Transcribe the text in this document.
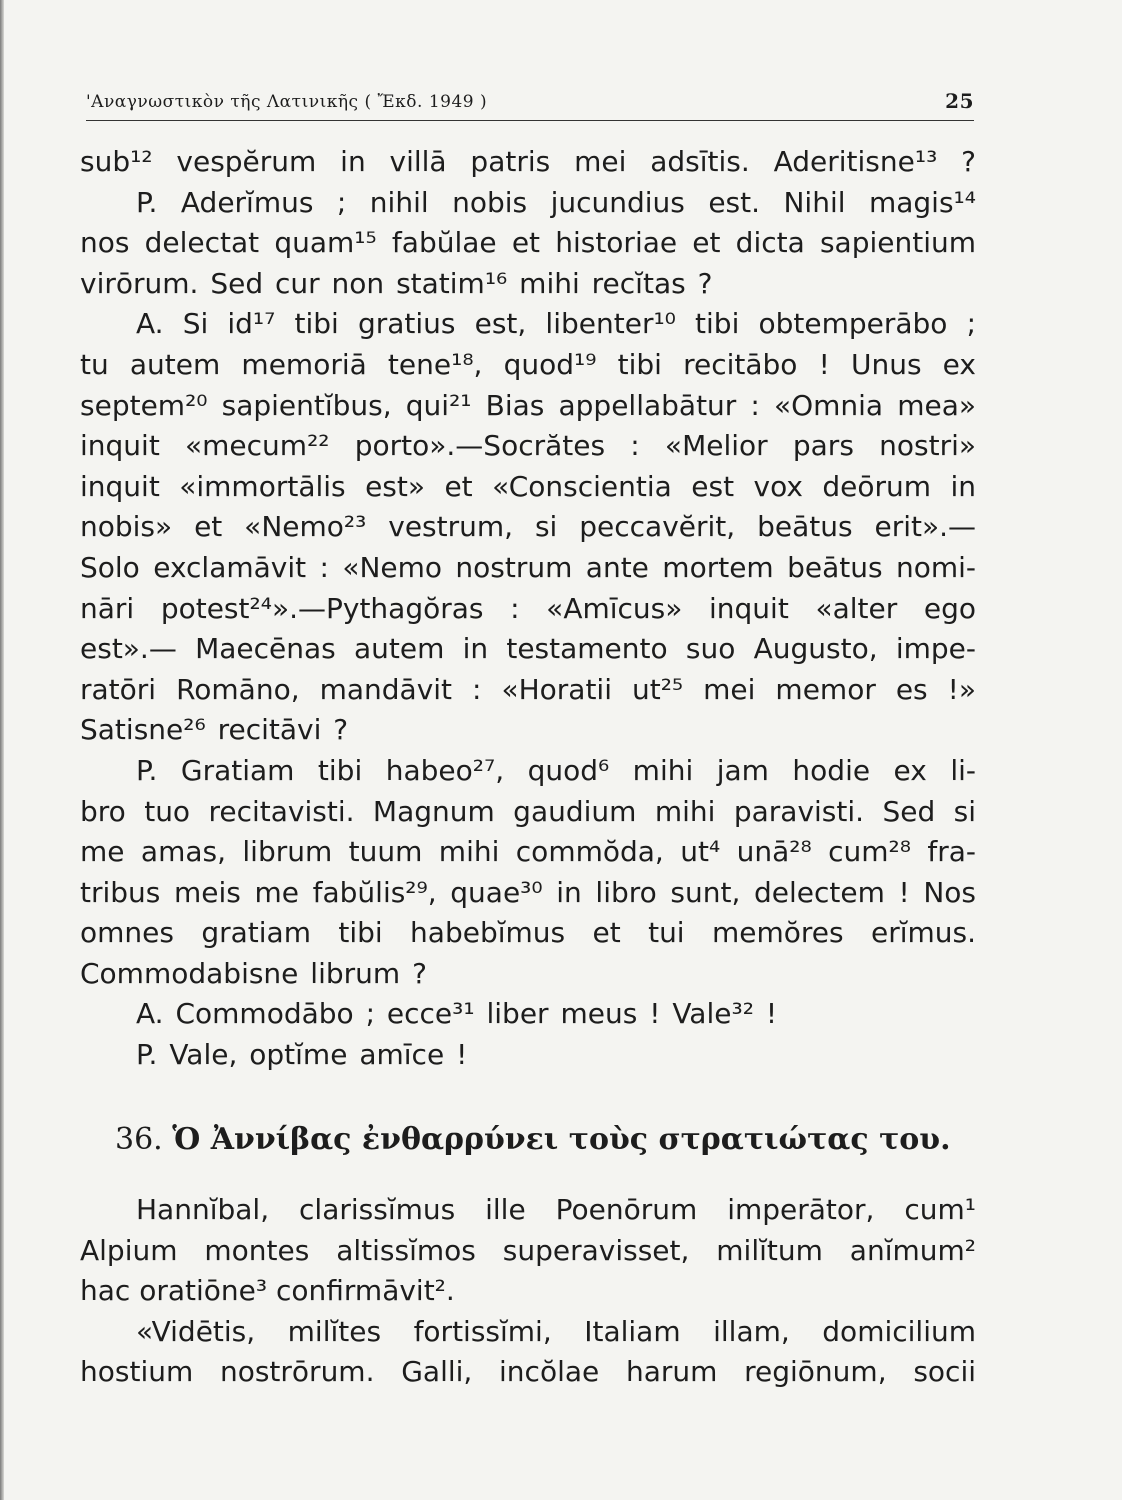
'Αναγνωστικὸν τῆς Λατινικῆς ( Ἔκδ. 1949 )	25
sub¹² vespĕrum in villā patris mei adsītis. Aderitisne¹³ ?
P. Aderĭmus ; nihil nobis jucundius est. Nihil magis¹⁴
nos delectat quam¹⁵ fabŭlae et historiae et dicta sapientium
virōrum. Sed cur non statim¹⁶ mihi recĭtas ?
A. Si id¹⁷ tibi gratius est, libenter¹⁰ tibi obtemperābo ;
tu autem memoriā tene¹⁸, quod¹⁹ tibi recitābo ! Unus ex
septem²⁰ sapientĭbus, qui²¹ Bias appellabātur : «Omnia mea»
inquit «mecum²² porto».—Socrătes : «Melior pars nostri»
inquit «immortālis est» et «Conscientia est vox deōrum in
nobis» et «Nemo²³ vestrum, si peccavĕrit, beātus erit».—
Solo exclamāvit : «Nemo nostrum ante mortem beātus nomi-
nāri potest²⁴».—Pythagŏras : «Amīcus» inquit «alter ego
est».— Maecēnas autem in testamento suo Augusto, impe-
ratōri Romāno, mandāvit : «Horatii ut²⁵ mei memor es !»
Satisne²⁶ recitāvi ?
P. Gratiam tibi habeo²⁷, quod⁶ mihi jam hodie ex li-
bro tuo recitavisti. Magnum gaudium mihi paravisti. Sed si
me amas, librum tuum mihi commŏda, ut⁴ unā²⁸ cum²⁸ fra-
tribus meis me fabŭlis²⁹, quae³⁰ in libro sunt, delectem ! Nos
omnes gratiam tibi habebĭmus et tui memŏres erĭmus.
Commodabisne librum ?
A. Commodābo ; ecce³¹ liber meus ! Vale³² !
P. Vale, optĭme amīce !
36. Ὁ Ἀννίβας ἐνθαρρύνει τοὺς στρατιώτας του.
Hannĭbal, clarissĭmus ille Poenōrum imperātor, cum¹
Alpium montes altissĭmos superavisset, milĭtum anĭmum²
hac oratiōne³ confirmāvit².
«Vidētis, milĭtes fortissĭmi, Italiam illam, domicilium
hostium nostrōrum. Galli, incŏlae harum regiōnum, socii
